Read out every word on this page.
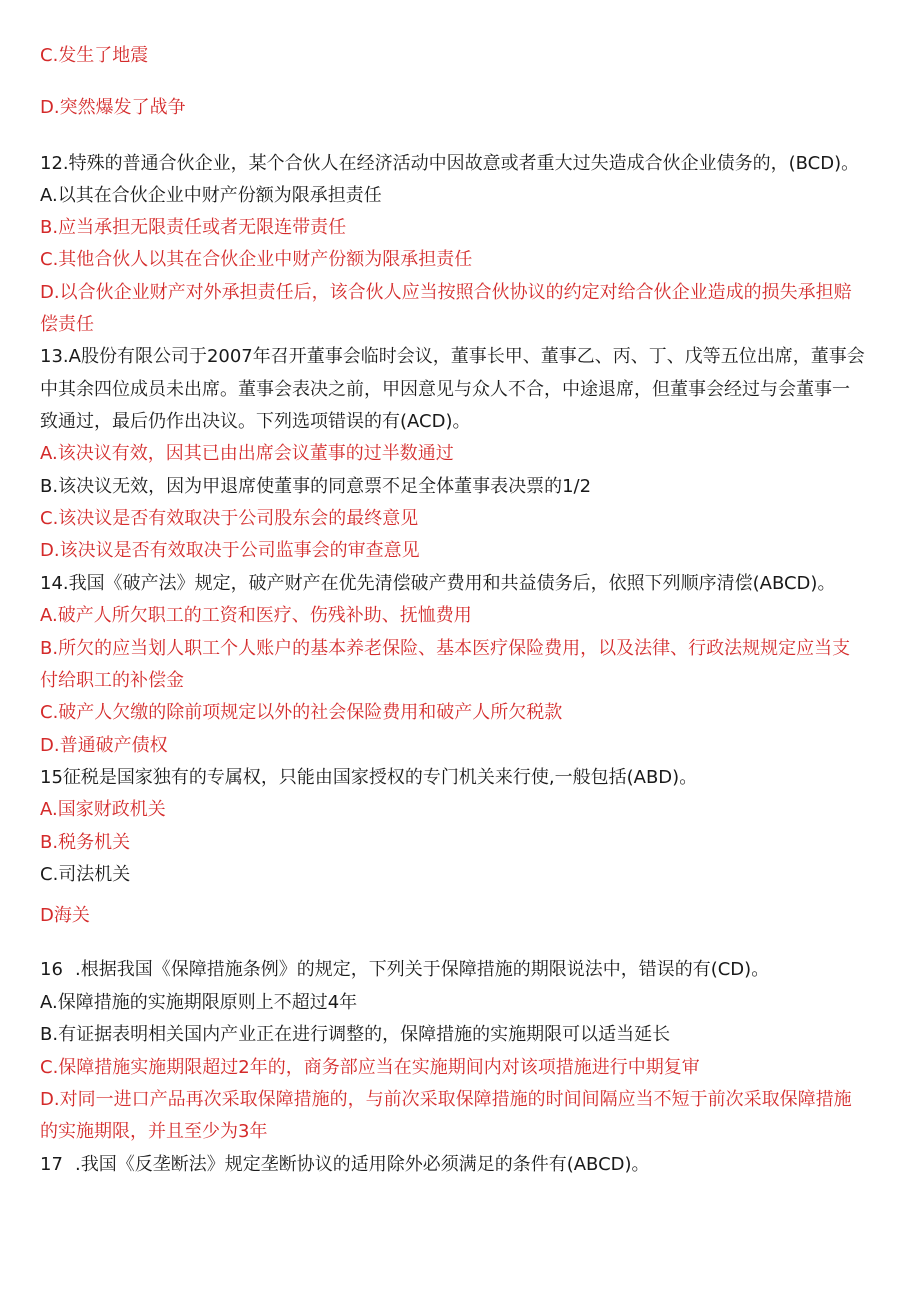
C.发生了地震
D.突然爆发了战争
12.特殊的普通合伙企业，某个合伙人在经济活动中因故意或者重大过失造成合伙企业债务的，(BCD)。
A.以其在合伙企业中财产份额为限承担责任
B.应当承担无限责任或者无限连带责任
C.其他合伙人以其在合伙企业中财产份额为限承担责任
D.以合伙企业财产对外承担责任后，该合伙人应当按照合伙协议的约定对给合伙企业造成的损失承担赔
偿责任
13.A股份有限公司于2007年召开董事会临时会议，董事长甲、董事乙、丙、丁、戊等五位出席，董事会
中其余四位成员未出席。董事会表决之前，甲因意见与众人不合，中途退席，但董事会经过与会董事一
致通过，最后仍作出决议。下列选项错误的有(ACD)。
A.该决议有效，因其已由出席会议董事的过半数通过
B.该决议无效，因为甲退席使董事的同意票不足全体董事表决票的1/2
C.该决议是否有效取决于公司股东会的最终意见
D.该决议是否有效取决于公司监事会的审查意见
14.我国《破产法》规定，破产财产在优先清偿破产费用和共益债务后，依照下列顺序清偿(ABCD)。
A.破产人所欠职工的工资和医疗、伤残补助、抚恤费用
B.所欠的应当划人职工个人账户的基本养老保险、基本医疗保险费用，以及法律、行政法规规定应当支
付给职工的补偿金
C.破产人欠缴的除前项规定以外的社会保险费用和破产人所欠税款
D.普通破产债权
15征税是国家独有的专属权，只能由国家授权的专门机关来行使,一般包括(ABD)。
A.国家财政机关
B.税务机关
C.司法机关
D海关
16 .根据我国《保障措施条例》的规定，下列关于保障措施的期限说法中，错误的有(CD)。
A.保障措施的实施期限原则上不超过4年
B.有证据表明相关国内产业正在进行调整的，保障措施的实施期限可以适当延长
C.保障措施实施期限超过2年的，商务部应当在实施期间内对该项措施进行中期复审
D.对同一进口产品再次采取保障措施的，与前次采取保障措施的时间间隔应当不短于前次采取保障措施
的实施期限，并且至少为3年
17 .我国《反垄断法》规定垄断协议的适用除外必须满足的条件有(ABCD)。
